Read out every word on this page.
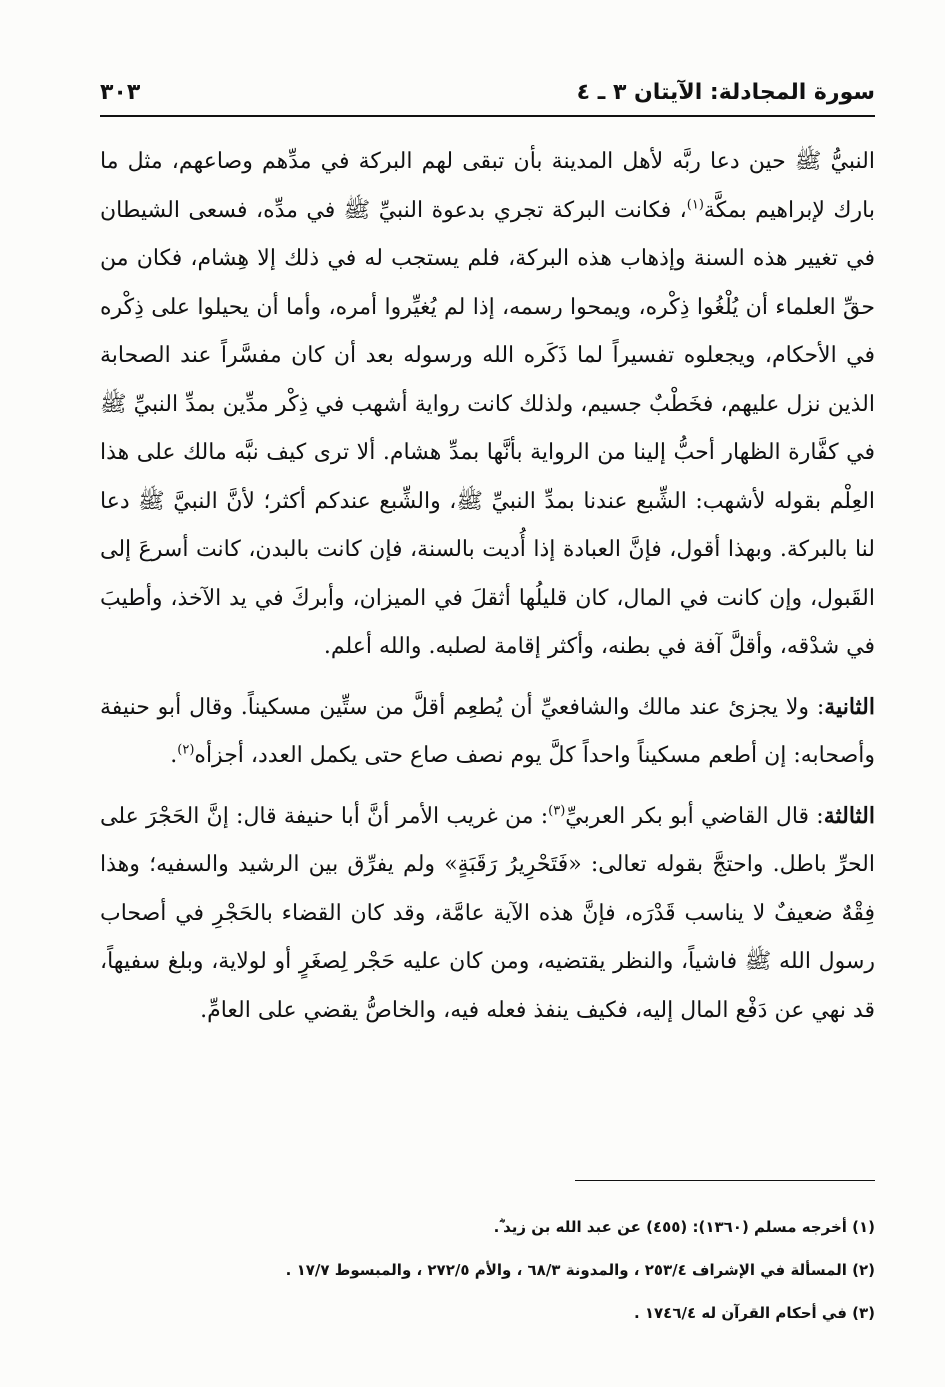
سورة المجادلة: الآيتان ٣ ـ ٤
٣٠٣

النبيُّ ﷺ حين دعا ربَّه لأهل المدينة بأن تبقى لهم البركة في مدِّهم وصاعهم، مثل ما بارك لإبراهيم بمكَّة$^{(١)}$، فكانت البركة تجري بدعوة النبيِّ ﷺ في مدِّه، فسعى الشيطان في تغيير هذه السنة وإذهاب هذه البركة، فلم يستجب له في ذلك إلا هِشام، فكان من حقِّ العلماء أن يُلْغُوا ذِكْره، ويمحوا رسمه، إذا لم يُغيِّروا أمره، وأما أن يحيلوا على ذِكْره في الأحكام، ويجعلوه تفسيراً لما ذَكَره الله ورسوله بعد أن كان مفسَّراً عند الصحابة الذين نزل عليهم، فخَطْبٌ جسيم، ولذلك كانت رواية أشهب في ذِكْر مدِّين بمدِّ النبيِّ ﷺ في كفَّارة الظهار أحبُّ إلينا من الرواية بأنَّها بمدِّ هشام. ألا ترى كيف نبَّه مالك على هذا العِلْم بقوله لأشهب: الشِّبع عندنا بمدِّ النبيِّ ﷺ، والشِّبع عندكم أكثر؛ لأنَّ النبيَّ ﷺ دعا لنا بالبركة. وبهذا أقول، فإنَّ العبادة إذا أُديت بالسنة، فإن كانت بالبدن، كانت أسرعَ إلى القَبول، وإن كانت في المال، كان قليلُها أثقلَ في الميزان، وأبركَ في يد الآخذ، وأطيبَ في شدْقه، وأقلَّ آفة في بطنه، وأكثر إقامة لصلبه. والله أعلم.

الثانية: ولا يجزئ عند مالك والشافعيِّ أن يُطعِم أقلَّ من ستِّين مسكيناً. وقال أبو حنيفة وأصحابه: إن أطعم مسكيناً واحداً كلَّ يوم نصف صاع حتى يكمل العدد، أجزأه$^{(٢)}$.

الثالثة: قال القاضي أبو بكر العربيِّ$^{(٣)}$: من غريب الأمر أنَّ أبا حنيفة قال: إنَّ الحَجْرَ على الحرِّ باطل. واحتجَّ بقوله تعالى: «فَتَحْرِيرُ رَقَبَةٍ» ولم يفرِّق بين الرشيد والسفيه؛ وهذا فِقْهٌ ضعيفٌ لا يناسب قَدْرَه، فإنَّ هذه الآية عامَّة، وقد كان القضاء بالحَجْرِ في أصحاب رسول الله ﷺ فاشياً، والنظر يقتضيه، ومن كان عليه حَجْر لِصغَرٍ أو لولاية، وبلغ سفيهاً، قد نهي عن دَفْع المال إليه، فكيف ينفذ فعله فيه، والخاصُّ يقضي على العامِّ.

(١) أخرجه مسلم (١٣٦٠): (٤٥٥) عن عبد الله بن زيد ؓ.
(٢) المسألة في الإشراف ٢٥٣/٤ ، والمدونة ٦٨/٣ ، والأم ٢٧٢/٥ ، والمبسوط ١٧/٧ .
(٣) في أحكام القرآن له ١٧٤٦/٤ .
